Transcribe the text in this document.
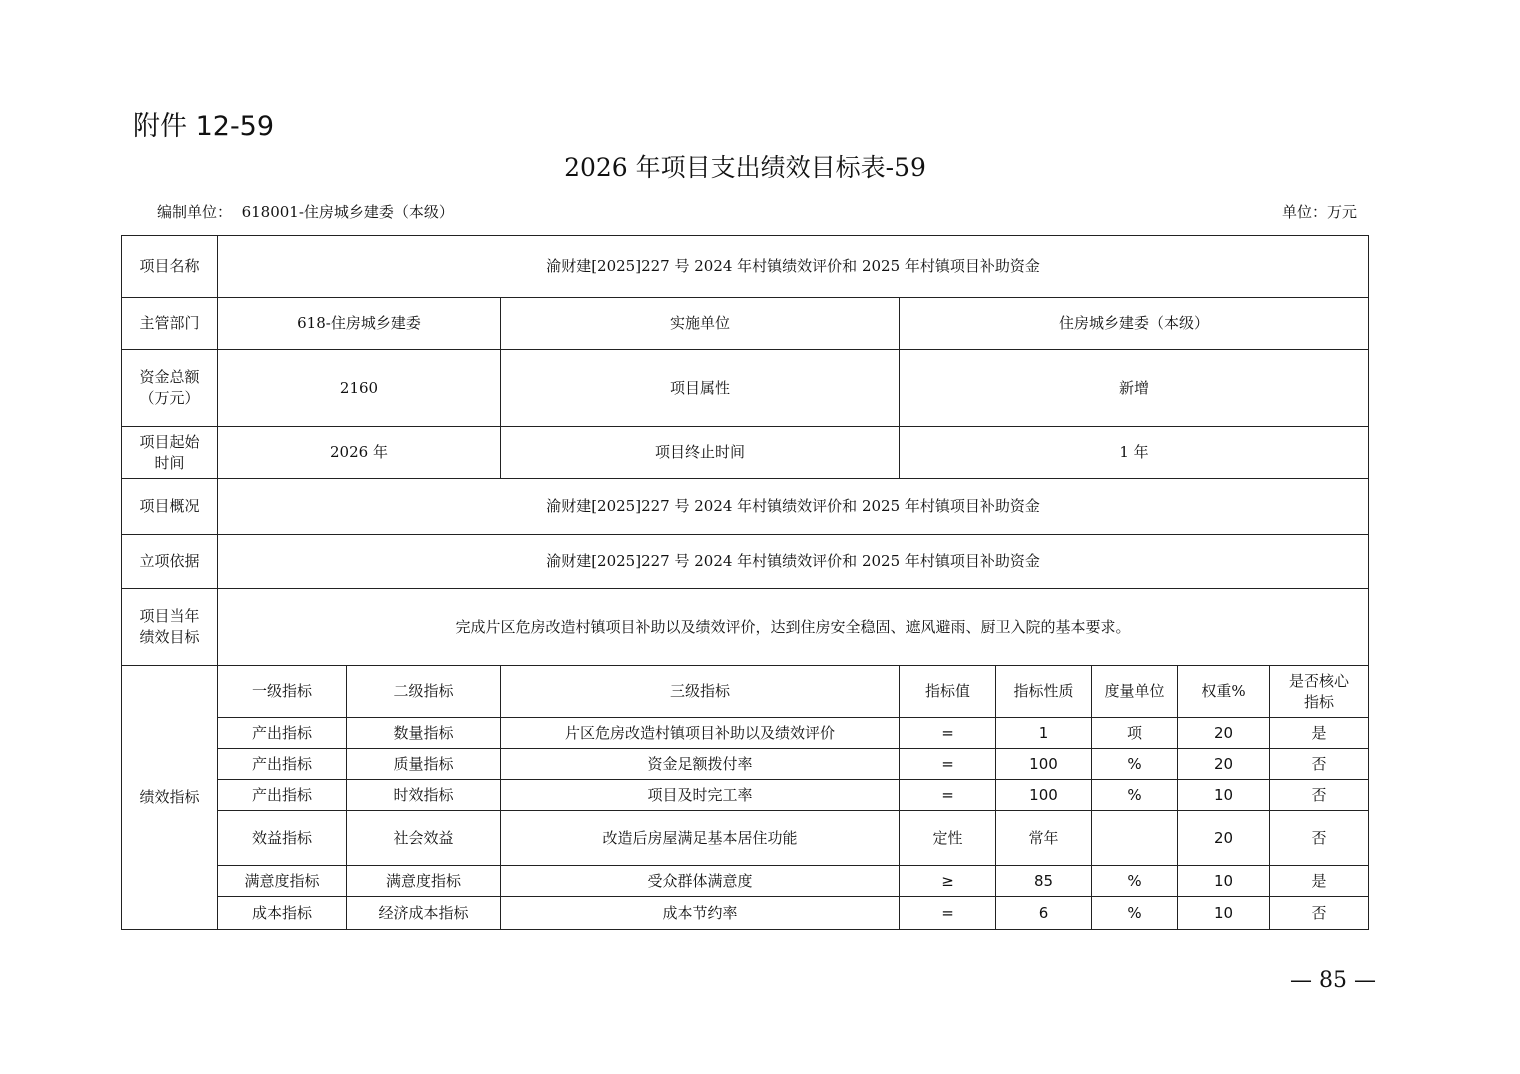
附件 12-59
2026 年项目支出绩效目标表-59
编制单位： 618001-住房城乡建委（本级）	单位：万元
项目名称	渝财建[2025]227 号 2024 年村镇绩效评价和 2025 年村镇项目补助资金							
主管部门	618-住房城乡建委		实施单位	住房城乡建委（本级）				

资金总额
（万元）	2160		项目属性	新增				

项目起始
时间	2026 年		项目终止时间	1 年				
项目概况	渝财建[2025]227 号 2024 年村镇绩效评价和 2025 年村镇项目补助资金							
立项依据	渝财建[2025]227 号 2024 年村镇绩效评价和 2025 年村镇项目补助资金							

项目当年
绩效目标	完成片区危房改造村镇项目补助以及绩效评价，达到住房安全稳固、遮风避雨、厨卫入院的基本要求。							
绩效指标	一级指标	二级指标	三级指标	指标值	指标性质	度量单位	权重%	是否核心
指标

	产出指标	数量指标	片区危房改造村镇项目补助以及绩效评价	=	1	项	20	是
	产出指标	质量指标	资金足额拨付率	=	100	%	20	否
	产出指标	时效指标	项目及时完工率	=	100	%	10	否
	效益指标	社会效益	改造后房屋满足基本居住功能	定性	常年		20	否
	满意度指标	满意度指标	受众群体满意度	≥	85	%	10	是
	成本指标	经济成本指标	成本节约率	=	6	%	10	否
— 85 —
